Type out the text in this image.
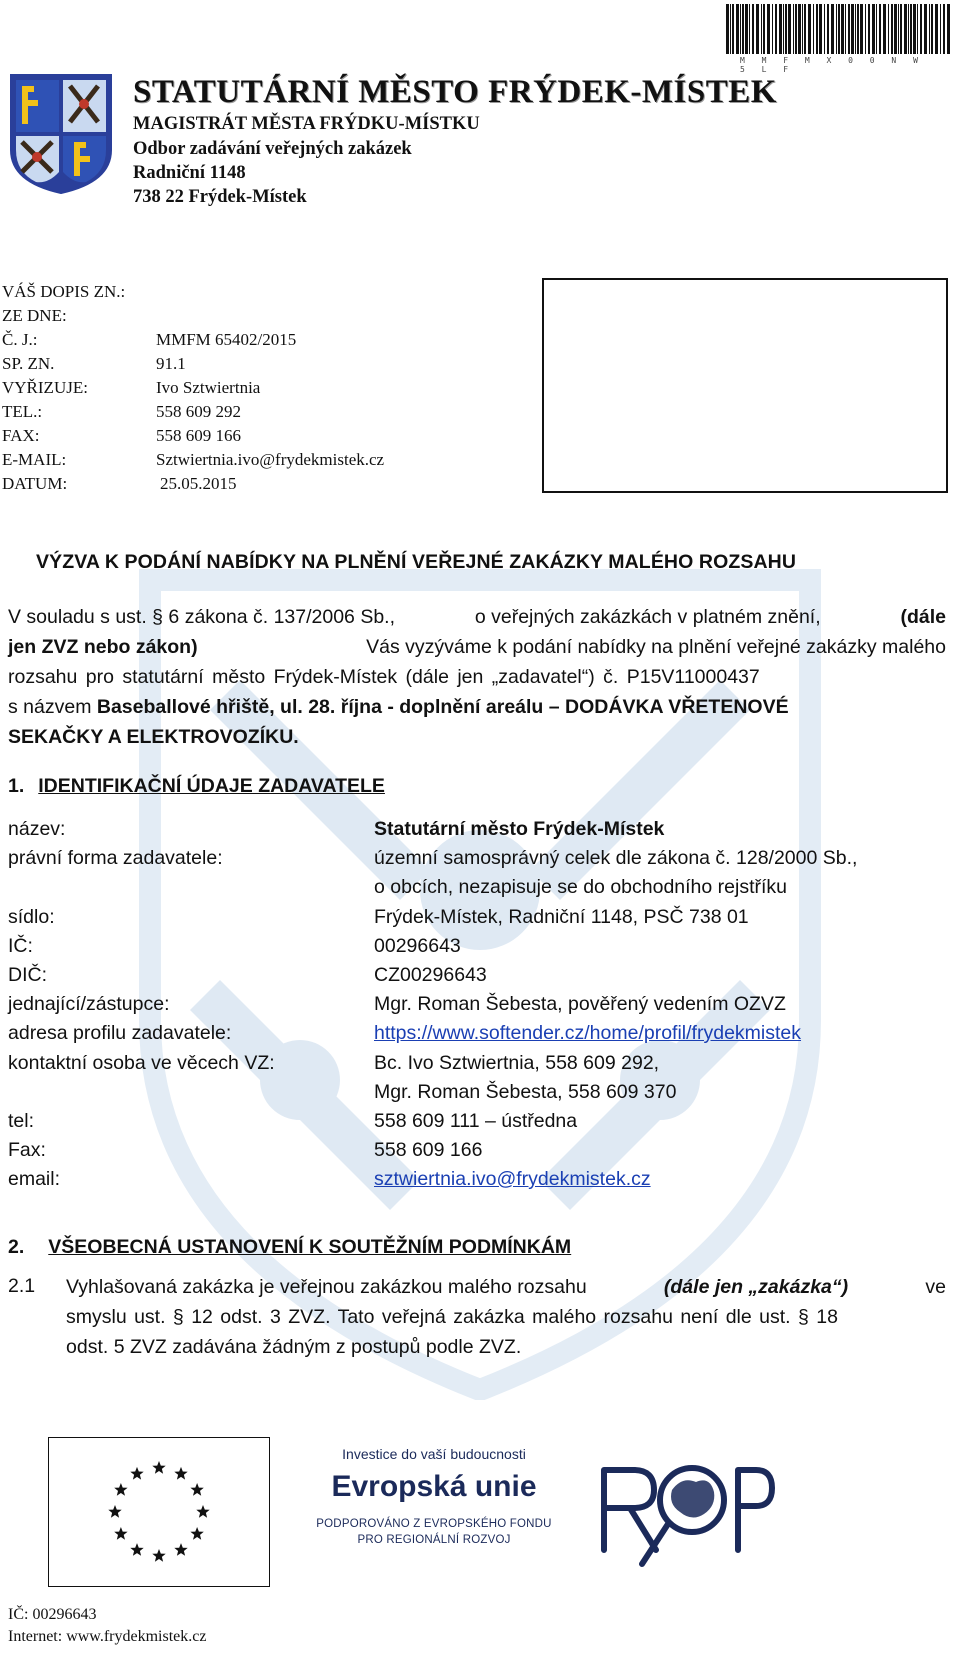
M M F M X 0 0 N W 5 L F
STATUTÁRNÍ MĚSTO FRÝDEK-MÍSTEK
MAGISTRÁT MĚSTA FRÝDKU-MÍSTKU
Odbor zadávání veřejných zakázek
Radniční 1148
738 22 Frýdek-Místek
VÁŠ DOPIS ZN.:
ZE DNE:
Č. J.:	MMFM 65402/2015
SP. ZN.	91.1
VYŘIZUJE:	Ivo Sztwiertnia
TEL.:	558 609 292
FAX:	558 609 166
E-MAIL:	Sztwiertnia.ivo@frydekmistek.cz
DATUM:	25.05.2015
VÝZVA K PODÁNÍ NABÍDKY NA PLNĚNÍ VEŘEJNÉ ZAKÁZKY MALÉHO ROZSAHU
V souladu s ust. § 6 zákona č. 137/2006 Sb.,	o veřejných zakázkách v platném znění,	(dále
jen ZVZ nebo zákon)	Vás vyzýváme k podání nabídky na plnění veřejné zakázky malého
rozsahu pro statutární město Frýdek-Místek (dále jen „zadavatel“) č. P15V11000437
s názvem Baseballové hřiště, ul. 28. října - doplnění areálu – DODÁVKA VŘETENOVÉ
SEKAČKY A ELEKTROVOZÍKU.
1. IDENTIFIKAČNÍ ÚDAJE ZADAVATELE
název:	Statutární město Frýdek-Místek
právní forma zadavatele:	územní samosprávný celek dle zákona č. 128/2000 Sb.,
o obcích, nezapisuje se do obchodního rejstříku
sídlo:	Frýdek-Místek, Radniční 1148, PSČ 738 01
IČ:	00296643
DIČ:	CZ00296643
jednající/zástupce:	Mgr. Roman Šebesta, pověřený vedením OZVZ
adresa profilu zadavatele:	https://www.softender.cz/home/profil/frydekmistek
kontaktní osoba ve věcech VZ:	Bc. Ivo Sztwiertnia, 558 609 292,
Mgr. Roman Šebesta, 558 609 370
tel:	558 609 111 – ústředna
Fax:	558 609 166
email:	sztwiertnia.ivo@frydekmistek.cz
2. VŠEOBECNÁ USTANOVENÍ K SOUTĚŽNÍM PODMÍNKÁM
2.1 Vyhlašovaná zakázka je veřejnou zakázkou malého rozsahu	(dále jen „zakázka“)	ve
smyslu ust. § 12 odst. 3 ZVZ. Tato veřejná zakázka malého rozsahu není dle ust. § 18
odst. 5 ZVZ zadávána žádným z postupů podle ZVZ.
Investice do vaší budoucnosti
Evropská unie
PODPOROVÁNO Z EVROPSKÉHO FONDU
PRO REGIONÁLNÍ ROZVOJ
IČ: 00296643
Internet: www.frydekmistek.cz
